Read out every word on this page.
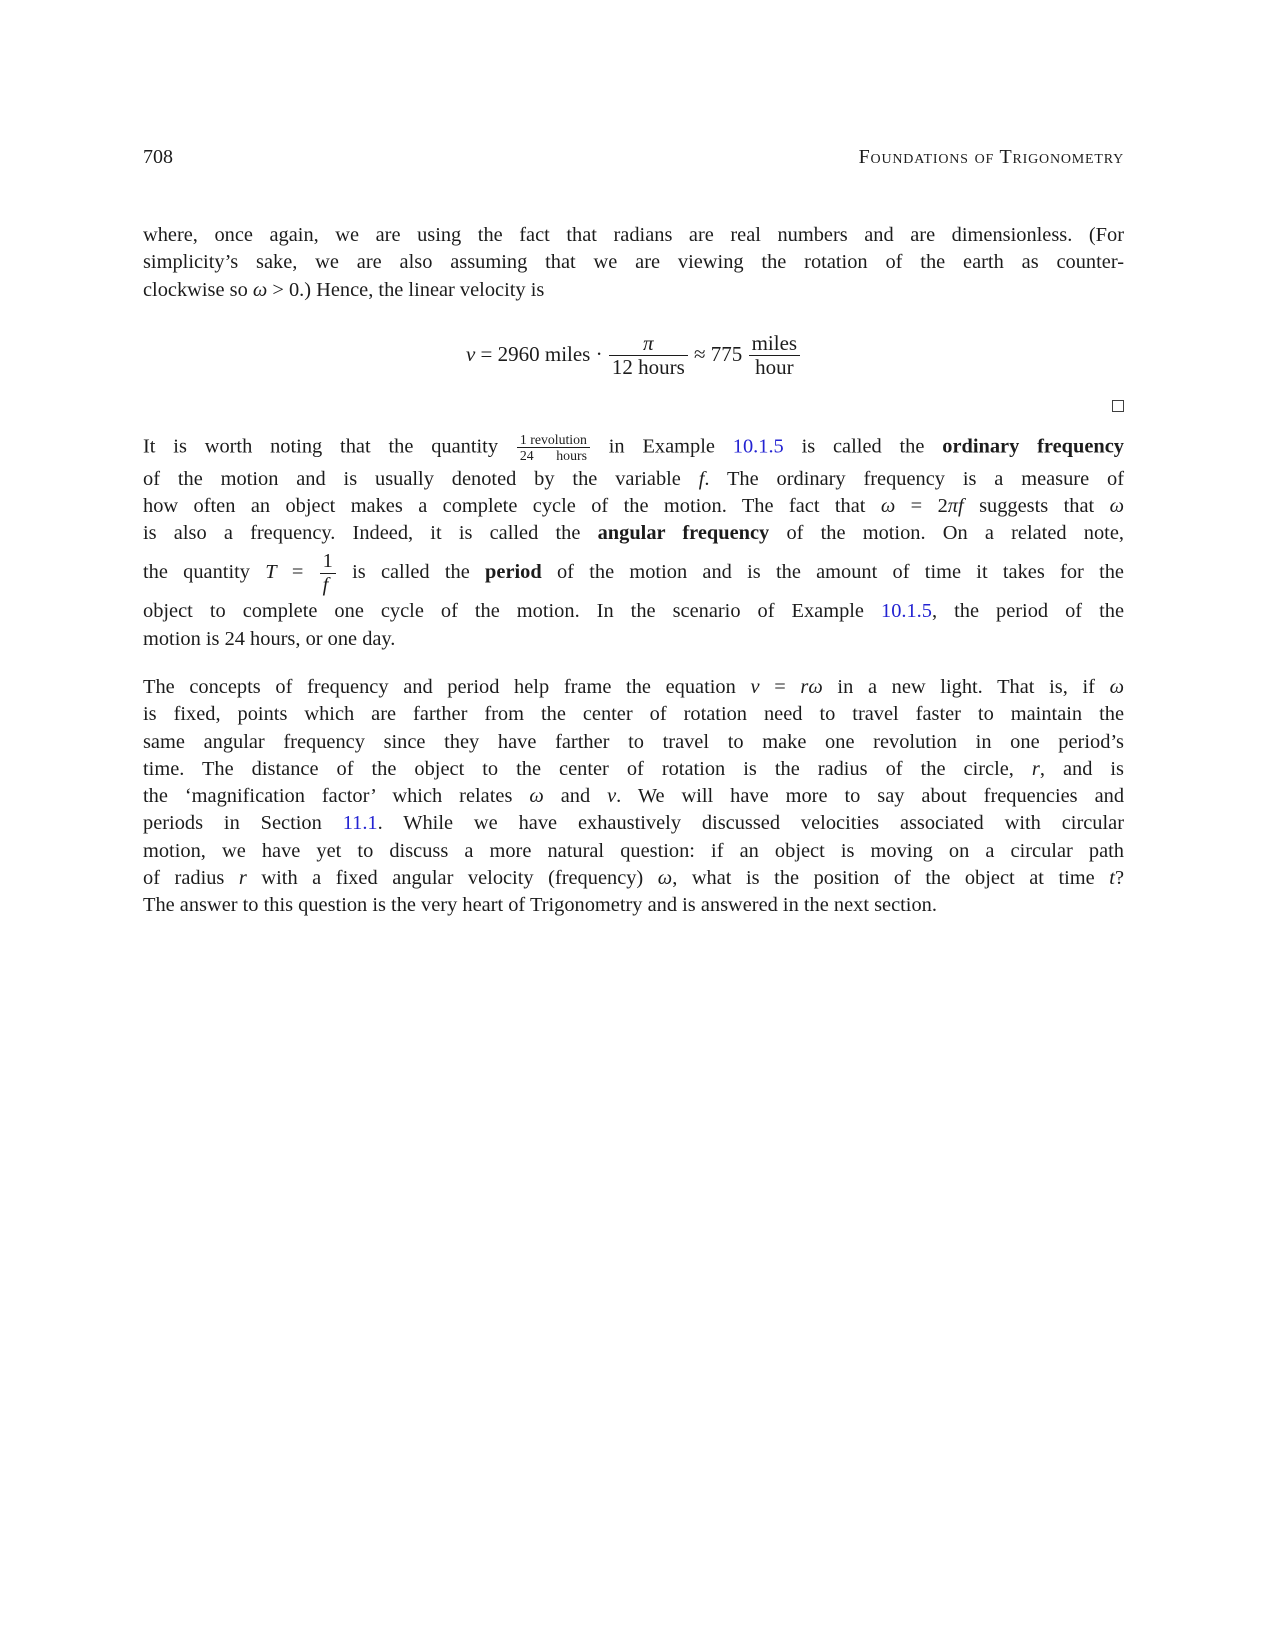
708	Foundations of Trigonometry
where, once again, we are using the fact that radians are real numbers and are dimensionless. (For
simplicity’s sake, we are also assuming that we are viewing the rotation of the earth as counter-
clockwise so ω > 0.) Hence, the linear velocity is
v = 2960 miles · $\frac{\pi}{\text{12 hours}} \approx 775 \frac{\text{miles}}{\text{hour}}$
It is worth noting that the quantity $\frac{\text{1 revolution}}{\text{24 hours}}$ in Example 10.1.5 is called the ordinary frequency
of the motion and is usually denoted by the variable f. The ordinary frequency is a measure of
how often an object makes a complete cycle of the motion. The fact that ω = 2πf suggests that ω
is also a frequency. Indeed, it is called the angular frequency of the motion. On a related note,
the quantity $T = \frac{1}{f}$ is called the period of the motion and is the amount of time it takes for the
object to complete one cycle of the motion. In the scenario of Example 10.1.5, the period of the
motion is 24 hours, or one day.
The concepts of frequency and period help frame the equation v = rω in a new light. That is, if ω
is fixed, points which are farther from the center of rotation need to travel faster to maintain the
same angular frequency since they have farther to travel to make one revolution in one period’s
time. The distance of the object to the center of rotation is the radius of the circle, r, and is
the ‘magnification factor’ which relates ω and v. We will have more to say about frequencies and
periods in Section 11.1. While we have exhaustively discussed velocities associated with circular
motion, we have yet to discuss a more natural question: if an object is moving on a circular path
of radius r with a fixed angular velocity (frequency) ω, what is the position of the object at time t?
The answer to this question is the very heart of Trigonometry and is answered in the next section.
